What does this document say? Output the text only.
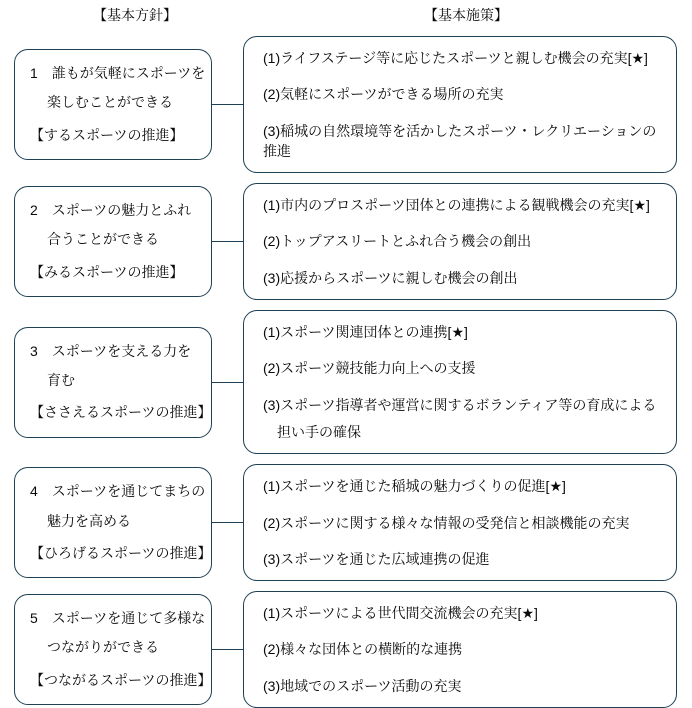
【基本方針】	【基本施策】
1　誰もが気軽にスポーツを
楽しむことができる
【するスポーツの推進】
(1)ライフステージ等に応じたスポーツと親しむ機会の充実[★]
(2)気軽にスポーツができる場所の充実
(3)稲城の自然環境等を活かしたスポーツ・レクリエーションの推進
2　スポーツの魅力とふれ
合うことができる
【みるスポーツの推進】
(1)市内のプロスポーツ団体との連携による観戦機会の充実[★]
(2)トップアスリートとふれ合う機会の創出
(3)応援からスポーツに親しむ機会の創出
3　スポーツを支える力を
育む
【ささえるスポーツの推進】
(1)スポーツ関連団体との連携[★]
(2)スポーツ競技能力向上への支援
(3)スポーツ指導者や運営に関するボランティア等の育成による
担い手の確保
4　スポーツを通じてまちの
魅力を高める
【ひろげるスポーツの推進】
(1)スポーツを通じた稲城の魅力づくりの促進[★]
(2)スポーツに関する様々な情報の受発信と相談機能の充実
(3)スポーツを通じた広域連携の促進
5　スポーツを通じて多様な
つながりができる
【つながるスポーツの推進】
(1)スポーツによる世代間交流機会の充実[★]
(2)様々な団体との横断的な連携
(3)地域でのスポーツ活動の充実
